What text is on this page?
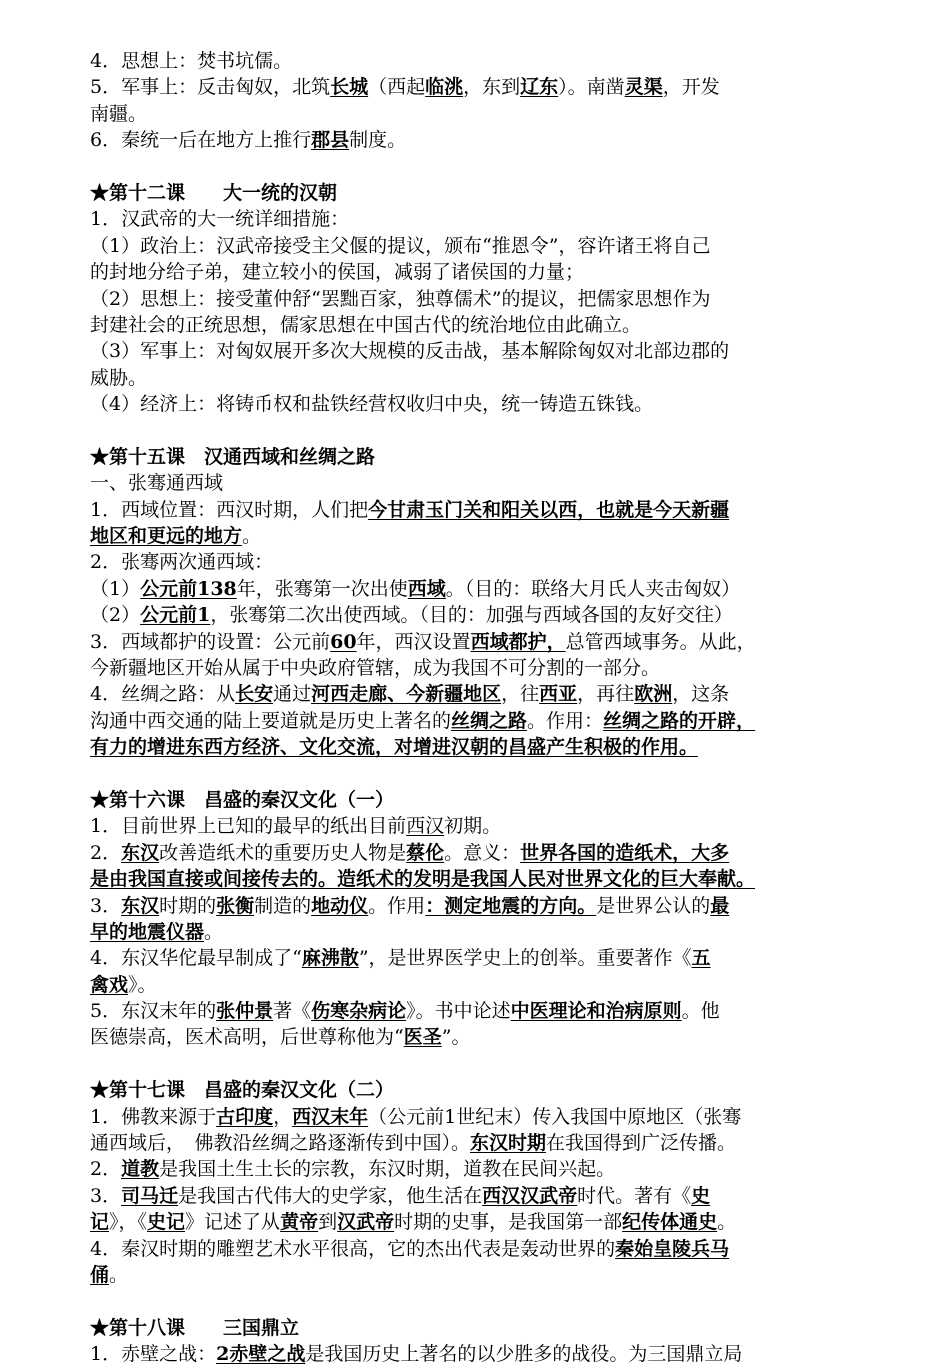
4．思想上：焚书坑儒。
5．军事上：反击匈奴，北筑长城（西起临洮，东到辽东）。南凿灵渠，开发
南疆。
6．秦统一后在地方上推行郡县制度。
★第十二课　　大一统的汉朝
1．汉武帝的大一统详细措施：
（1）政治上：汉武帝接受主父偃的提议，颁布“推恩令”，容许诸王将自己
的封地分给子弟，建立较小的侯国，减弱了诸侯国的力量；
（2）思想上：接受董仲舒“罢黜百家，独尊儒术”的提议，把儒家思想作为
封建社会的正统思想，儒家思想在中国古代的统治地位由此确立。
（3）军事上：对匈奴展开多次大规模的反击战，基本解除匈奴对北部边郡的
威胁。
（4）经济上：将铸币权和盐铁经营权收归中央，统一铸造五铢钱。
★第十五课　汉通西域和丝绸之路
一、张骞通西域
1．西域位置：西汉时期，人们把今甘肃玉门关和阳关以西，也就是今天新疆
地区和更远的地方。
2．张骞两次通西域：
（1）公元前138年，张骞第一次出使西域。（目的：联络大月氏人夹击匈奴）
（2）公元前1，张骞第二次出使西域。（目的：加强与西域各国的友好交往）
3．西域都护的设置：公元前60年，西汉设置西域都护，总管西域事务。从此，
今新疆地区开始从属于中央政府管辖，成为我国不可分割的一部分。
4．丝绸之路：从长安通过河西走廊、今新疆地区，往西亚，再往欧洲，这条
沟通中西交通的陆上要道就是历史上著名的丝绸之路。作用：丝绸之路的开辟，
有力的增进东西方经济、文化交流，对增进汉朝的昌盛产生积极的作用。
★第十六课　昌盛的秦汉文化（一）
1．目前世界上已知的最早的纸出目前西汉初期。
2．东汉改善造纸术的重要历史人物是蔡伦。意义：世界各国的造纸术，大多
是由我国直接或间接传去的。造纸术的发明是我国人民对世界文化的巨大奉献。
3．东汉时期的张衡制造的地动仪。作用：测定地震的方向。是世界公认的最
早的地震仪器。
4．东汉华佗最早制成了“麻沸散”，是世界医学史上的创举。重要著作《五
禽戏》。
5．东汉末年的张仲景著《伤寒杂病论》。书中论述中医理论和治病原则。他
医德崇高，医术高明，后世尊称他为“医圣”。
★第十七课　昌盛的秦汉文化（二）
1．佛教来源于古印度，西汉末年（公元前1世纪末）传入我国中原地区（张骞
通西域后，　佛教沿丝绸之路逐渐传到中国）。东汉时期在我国得到广泛传播。
2．道教是我国土生土长的宗教，东汉时期，道教在民间兴起。
3．司马迁是我国古代伟大的史学家，他生活在西汉汉武帝时代。著有《史
记》，《史记》记述了从黄帝到汉武帝时期的史事，是我国第一部纪传体通史。
4．秦汉时期的雕塑艺术水平很高，它的杰出代表是轰动世界的秦始皇陵兵马
俑。
★第十八课　　三国鼎立
1．赤壁之战：2赤壁之战是我国历史上著名的以少胜多的战役。为三国鼎立局
